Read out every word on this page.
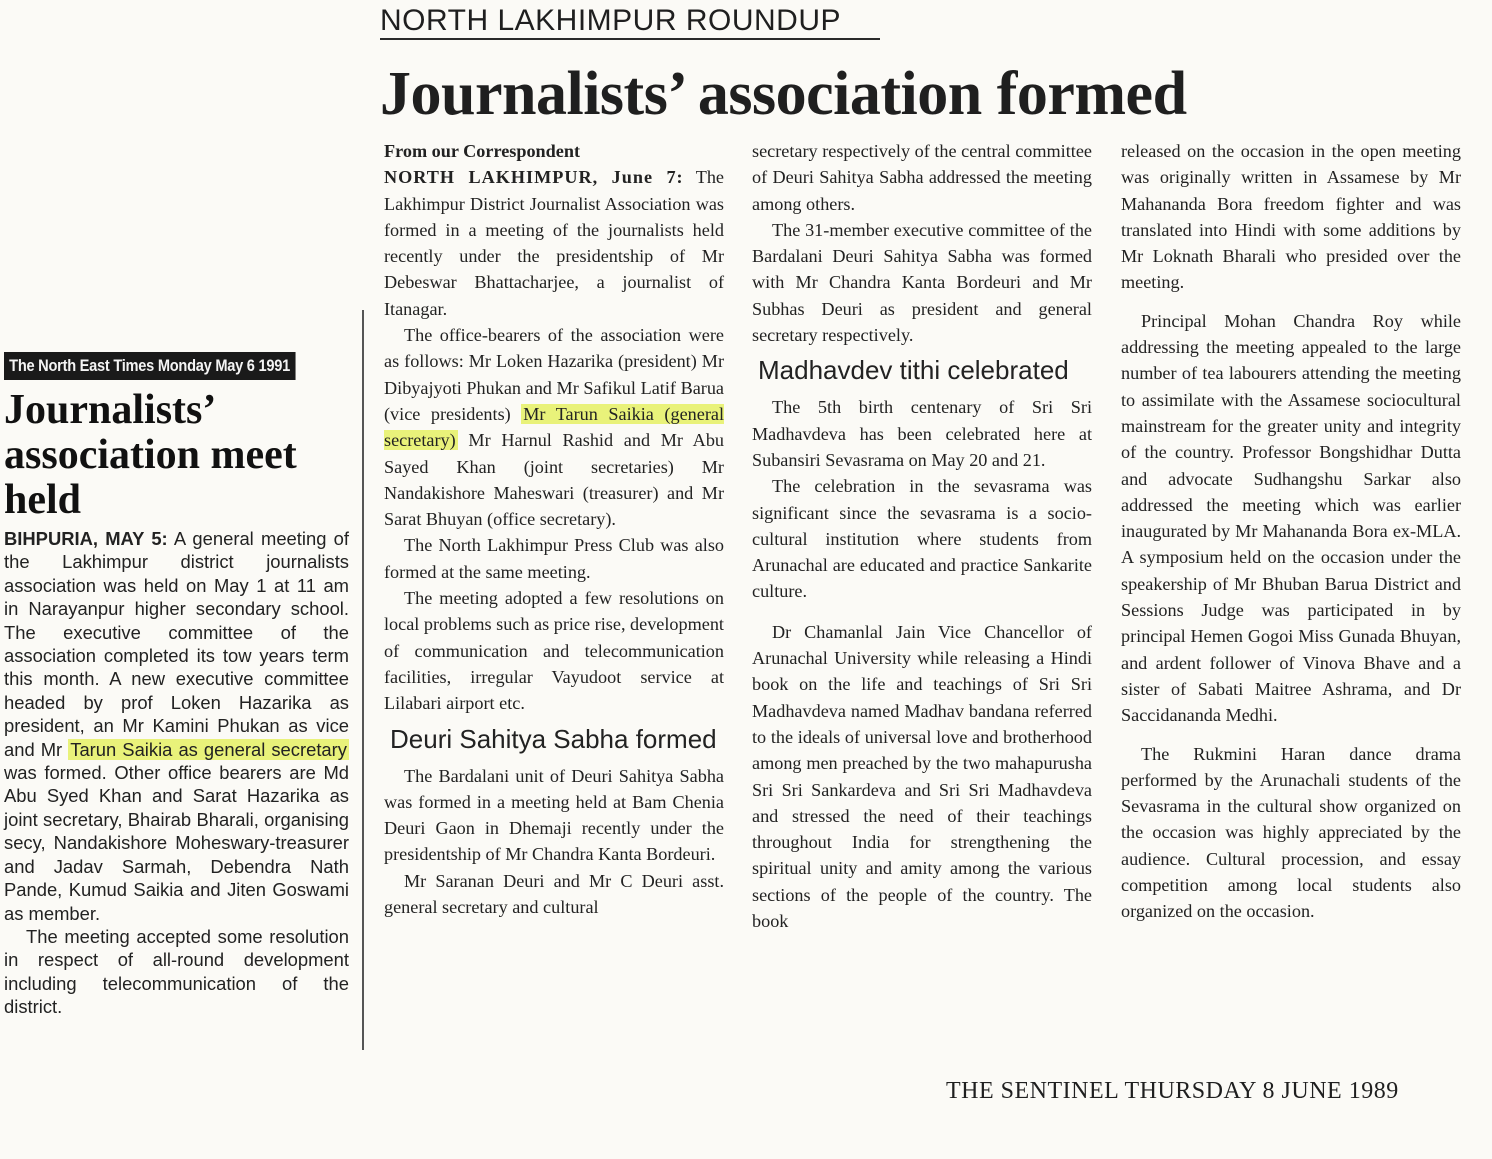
NORTH LAKHIMPUR ROUNDUP
Journalists’ association formed

From our Correspondent

NORTH LAKHIMPUR, June 7: The Lakhimpur District Journalist Association was formed in a meeting of the journalists held recently under the presidentship of Mr Debeswar Bhattacharjee, a journalist of Itanagar.

The office-bearers of the association were as follows: Mr Loken Hazarika (president) Mr Dibyajyoti Phukan and Mr Safikul Latif Barua (vice presidents) Mr Tarun Saikia (general secretary) Mr Harnul Rashid and Mr Abu Sayed Khan (joint secretaries) Mr Nandakishore Maheswari (treasurer) and Mr Sarat Bhuyan (office secretary).

The North Lakhimpur Press Club was also formed at the same meeting.

The meeting adopted a few resolutions on local problems such as price rise, development of communication and telecommunication facilities, irregular Vayudoot service at Lilabari airport etc.

Deuri Sahitya Sabha formed

The Bardalani unit of Deuri Sahitya Sabha was formed in a meeting held at Bam Chenia Deuri Gaon in Dhemaji recently under the presidentship of Mr Chandra Kanta Bordeuri.

Mr Saranan Deuri and Mr C Deuri asst. general secretary and cultural

secretary respectively of the central committee of Deuri Sahitya Sabha addressed the meeting among others.

The 31-member executive committee of the Bardalani Deuri Sahitya Sabha was formed with Mr Chandra Kanta Bordeuri and Mr Subhas Deuri as president and general secretary respectively.

Madhavdev tithi celebrated

The 5th birth centenary of Sri Sri Madhavdeva has been celebrated here at Subansiri Sevasrama on May 20 and 21.

The celebration in the sevasrama was significant since the sevasrama is a socio-cultural institution where students from Arunachal are educated and practice Sankarite culture.

Dr Chamanlal Jain Vice Chancellor of Arunachal University while releasing a Hindi book on the life and teachings of Sri Sri Madhavdeva named Madhav bandana referred to the ideals of universal love and brotherhood among men preached by the two mahapurusha Sri Sri Sankardeva and Sri Sri Madhavdeva and stressed the need of their teachings throughout India for strengthening the spiritual unity and amity among the various sections of the people of the country. The book

released on the occasion in the open meeting was originally written in Assamese by Mr Mahananda Bora freedom fighter and was translated into Hindi with some additions by Mr Loknath Bharali who presided over the meeting.

Principal Mohan Chandra Roy while addressing the meeting appealed to the large number of tea labourers attending the meeting to assimilate with the Assamese sociocultural mainstream for the greater unity and integrity of the country. Professor Bongshidhar Dutta and advocate Sudhangshu Sarkar also addressed the meeting which was earlier inaugurated by Mr Mahananda Bora ex-MLA. A symposium held on the occasion under the speakership of Mr Bhuban Barua District and Sessions Judge was participated in by principal Hemen Gogoi Miss Gunada Bhuyan, and ardent follower of Vinova Bhave and a sister of Sabati Maitree Ashrama, and Dr Saccidananda Medhi.

The Rukmini Haran dance drama performed by the Arunachali students of the Sevasrama in the cultural show organized on the occasion was highly appreciated by the audience. Cultural procession, and essay competition among local students also organized on the occasion.

THE SENTINEL THURSDAY 8 JUNE 1989
The North East Times Monday May 6 1991
Journalists’ association meet held

BIHPURIA, MAY 5: A general meeting of the Lakhimpur district journalists association was held on May 1 at 11 am in Narayanpur higher secondary school. The executive committee of the association completed its tow years term this month. A new executive committee headed by prof Loken Hazarika as president, an Mr Kamini Phukan as vice and Mr Tarun Saikia as general secretary was formed. Other office bearers are Md Abu Syed Khan and Sarat Hazarika as joint secretary, Bhairab Bharali, organising secy, Nandakishore Moheswary-treasurer and Jadav Sarmah, Debendra Nath Pande, Kumud Saikia and Jiten Goswami as member.

The meeting accepted some resolution in respect of all-round development including telecommunication of the district.
